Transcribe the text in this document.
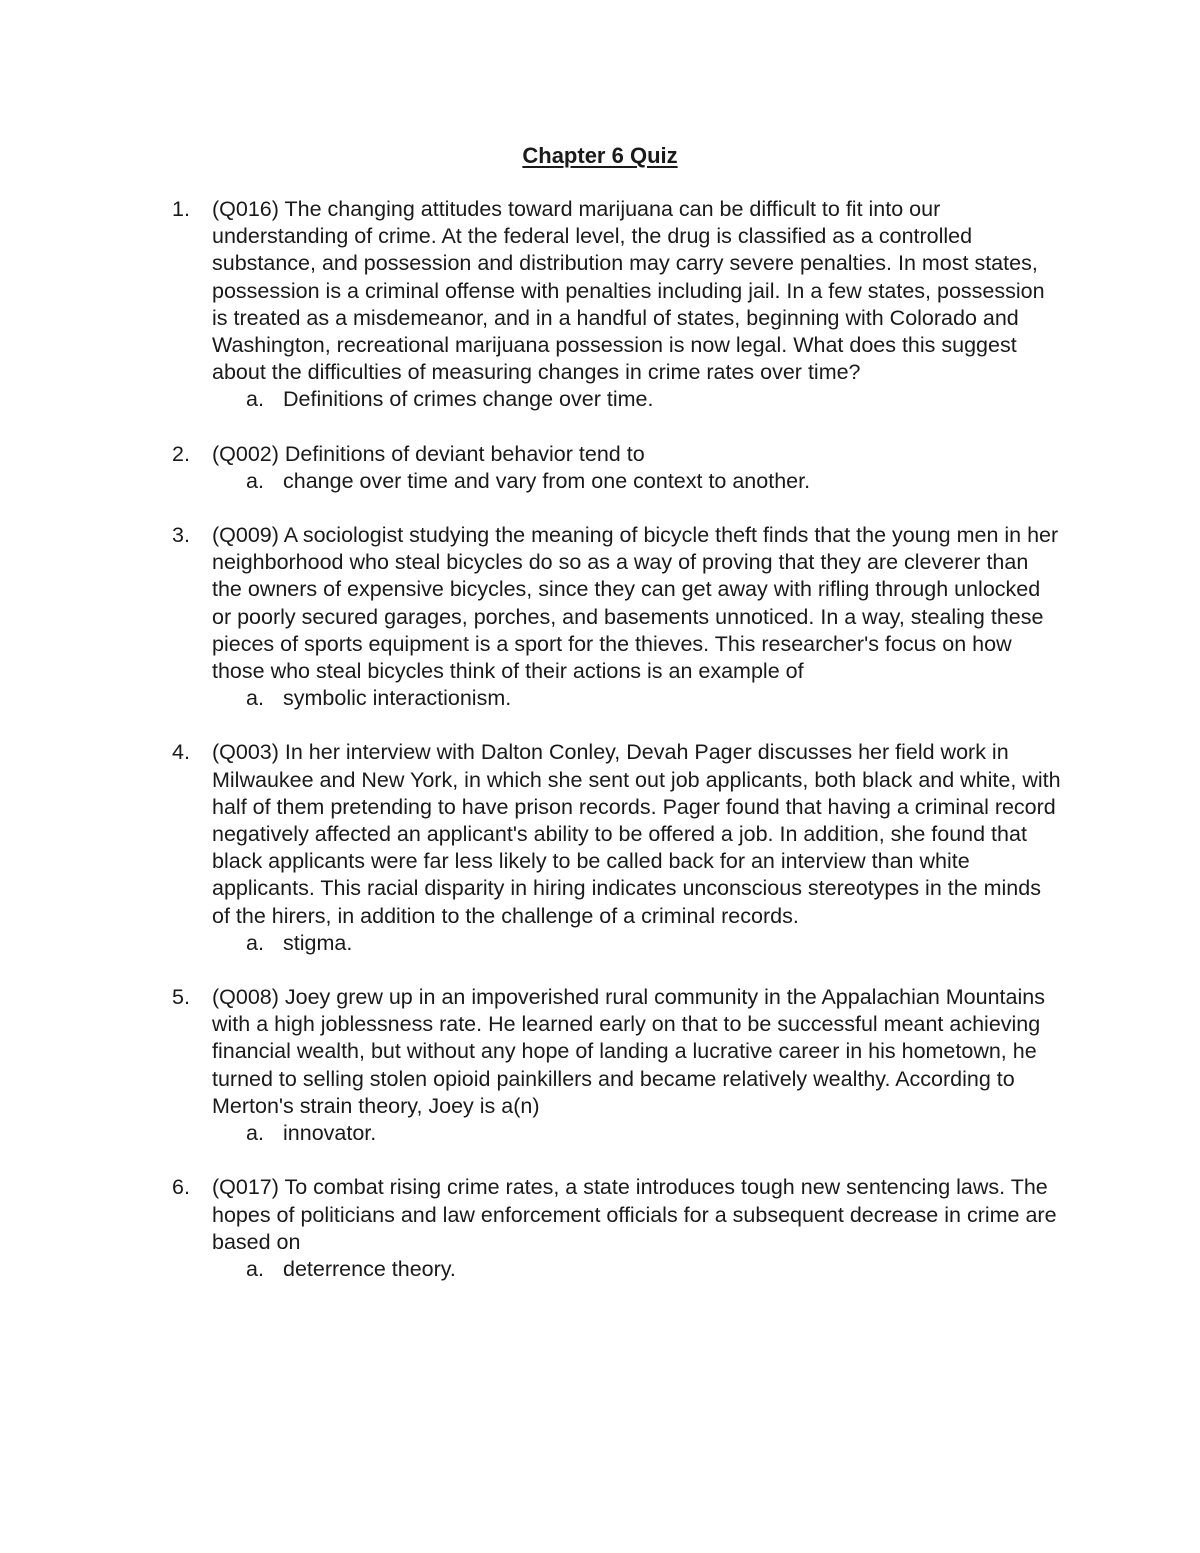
Chapter 6 Quiz
1.	(Q016) The changing attitudes toward marijuana can be difficult to fit into our understanding of crime. At the federal level, the drug is classified as a controlled substance, and possession and distribution may carry severe penalties. In most states, possession is a criminal offense with penalties including jail. In a few states, possession is treated as a misdemeanor, and in a handful of states, beginning with Colorado and Washington, recreational marijuana possession is now legal. What does this suggest about the difficulties of measuring changes in crime rates over time?

a. Definitions of crimes change over time.
2.	(Q002) Definitions of deviant behavior tend to

a. change over time and vary from one context to another.
3.	(Q009) A sociologist studying the meaning of bicycle theft finds that the young men in her neighborhood who steal bicycles do so as a way of proving that they are cleverer than the owners of expensive bicycles, since they can get away with rifling through unlocked or poorly secured garages, porches, and basements unnoticed. In a way, stealing these pieces of sports equipment is a sport for the thieves. This researcher's focus on how those who steal bicycles think of their actions is an example of

a. symbolic interactionism.
4.	(Q003) In her interview with Dalton Conley, Devah Pager discusses her field work in Milwaukee and New York, in which she sent out job applicants, both black and white, with half of them pretending to have prison records. Pager found that having a criminal record negatively affected an applicant's ability to be offered a job. In addition, she found that black applicants were far less likely to be called back for an interview than white applicants. This racial disparity in hiring indicates unconscious stereotypes in the minds of the hirers, in addition to the challenge of a criminal records.

a. stigma.
5.	(Q008) Joey grew up in an impoverished rural community in the Appalachian Mountains with a high joblessness rate. He learned early on that to be successful meant achieving financial wealth, but without any hope of landing a lucrative career in his hometown, he turned to selling stolen opioid painkillers and became relatively wealthy. According to Merton's strain theory, Joey is a(n)

a. innovator.
6.	(Q017) To combat rising crime rates, a state introduces tough new sentencing laws. The hopes of politicians and law enforcement officials for a subsequent decrease in crime are based on

a. deterrence theory.
